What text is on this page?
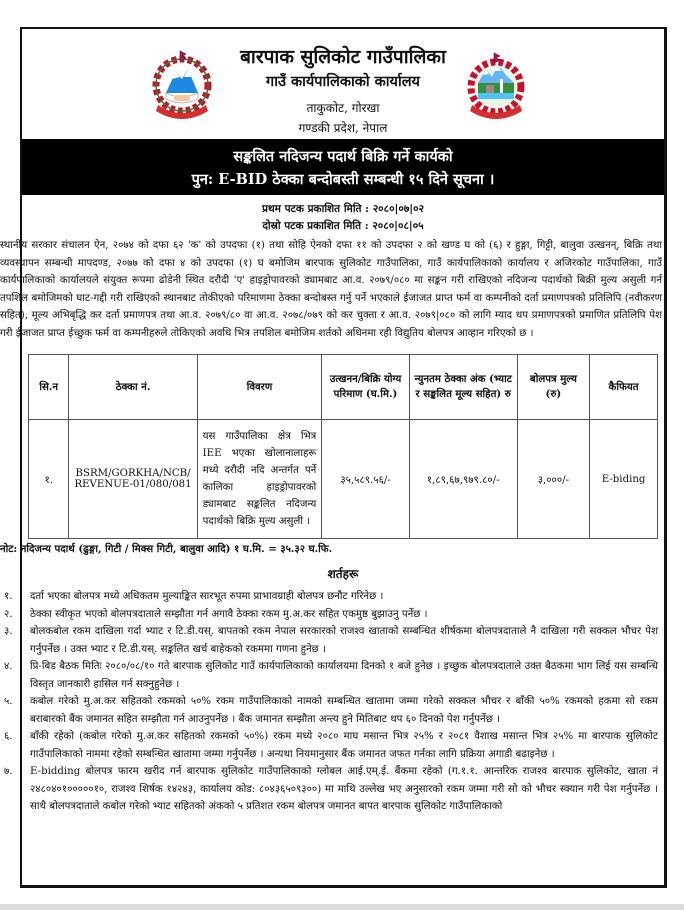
बारपाक सुलिकोट गाउँपालिका
गाउँ कार्यपालिकाको कार्यालय
ताकुकोट, गोरखा
गण्डकी प्रदेश, नेपाल
सङ्कलित नदिजन्य पदार्थ बिक्रि गर्ने कार्यको
पुन: E-BID ठेक्का बन्दोबस्ती सम्बन्धी १५ दिने सूचना ।
प्रथम पटक प्रकाशित मिति : २०८०|०७|०२
दोस्रो पटक प्रकाशित मिति : २०८०|०८|०५
स्थानीय सरकार संचालन ऐन, २०७४ को दफा ६२ 'क' को उपदफा (१) तथा सोहि ऐनको दफा ११ को उपदफा २ को खण्ड घ को (६) र हुङ्गा, गिट्टी, बालुवा उत्खनन्, बिक्रि तथा व्यवस्थापन सम्बन्धी मापदण्ड, २०७७ को दफा ४ को उपदफा (१) घ बमोजिम बारपाक सुलिकोट गाउँपालिका, गाउँ कार्यपालिकाको कार्यालय र अजिरकोट गाउँपालिका, गाउँ कार्यपालिकाको कार्यालयले संयुक्त रूपमा ढोडेनी स्थित दरौदी 'ए' हाइड्रोपावरको ड्यामबाट आ.व. २०७९/०८० मा सङ्कन गरी राखिएको नदिजन्य पदार्थको बिक्री मुल्य असुली गर्न तपशिल बमोजिमको घाट-गद्दी गरी राखिएको स्थानबाट तोकीएको परिमाणमा ठेक्का बन्दोबस्त गर्नु पर्ने भएकाले ईजाजत प्राप्त फर्म वा कम्पनीको दर्ता प्रमाणपत्रको प्रतिलिपि (नवीकरण सहित), मूल्य अभिबृद्धि कर दर्ता प्रमाणपत्र तथा आ.व. २०७९/८० वा आ.व. २०७८/०७९ को कर चुक्ता र आ.व. २०७९|०८० को लागि म्याद थप प्रमाणपत्रको प्रमाणित प्रतिलिपि पेश गरी ईजाजत प्राप्त ईच्छुक फर्म वा कम्पनीहरुले तोकिएको अवधि भित्र तपशिल बमोजिम शर्तको अधिनमा रही विद्युतिय बोलपत्र आव्हान गरिएको छ ।
सि.न	ठेक्का नं.	विवरण	उत्खनन/बिक्रि योग्य परिमाण (घ.मि.)	न्युनतम ठेक्का अंक (भ्याट र सङ्कलित मूल्य सहित) रु	बोलपत्र मुल्य (रु)	कैफियत
१.	BSRM/GORKHA/NCB/ REVENUE-01/080/081	यस गाउँपालिका क्षेत्र भित्र IEE भएका खोलानालाहरू मध्ये दरौदी नदि अन्तर्गत पर्ने कालिका हाइड्रोपावरको ड्यामबाट सङ्कलित नदिजन्य पदार्थको बिक्रि मुल्य असुली ।	३५,५८९.५६/-	१,८९,६७,९७९.८०/-	३,०००/-	E-biding
नोट: नदिजन्य पदार्थ (ढुङ्गा, गिटी / मिक्स गिटी, बालुवा आदि) १ घ.मि. = ३५.३२ घ.फि.
शर्तहरू
१.	दर्ता भएका बोलपत्र मध्ये अधिकतम मुल्याङ्कित सारभूत रुपमा प्राभावग्राही बोलपत्र छनौट गरिनेछ ।
२.	ठेक्का स्वीकृत भएको बोलपत्रदाताले सम्झौता गर्न अगावै ठेक्का रकम मु.अ.कर सहित एकमुष्ठ बुझाउनु पर्नेछ ।
३.	बोलकबोल रकम दाखिला गर्दा भ्याट र टि.डी.यस्. बापतको रकम नेपाल सरकारको राजश्व खाताको सम्बन्धित शीर्षकमा बोलपत्रदाताले नै दाखिला गरी सक्कल भौचर पेश गर्नुपर्नेछ । उक्त भ्याट र टि.डी.यस्. सङ्कलित खर्च बाहेकको रकममा गणना हुनेछ ।
४.	प्रि-बिड बैठक मितिः २०८०/०८/१० गते बारपाक सुलिकोट गाउँ कार्यपालिकाको कार्यालयमा दिनको १ बजे हुनेछ । इच्छुक बोलपत्रदाताले उक्त बैठकमा भाग लिई यस सम्बन्धि विस्तृत जानकारी हासिल गर्न सक्नुहुनेछ ।
५.	कबोल गरेको मु.अ.कर सहितको रकमको ५०% रकम गाउँपालिकाको नामको सम्बन्धित खातामा जम्मा गरेको सक्कल भौचर र बाँकी ५०% रकमको हकमा सो रकम बराबारको बैंक जमानत सहित सम्झौता गर्न आउनुपर्नेछ । बैंक जमानत सम्झौता अन्त्य हुने मितिबाट थप ६० दिनको पेश गर्नुपर्नेछ ।
६.	बाँकी रहेको (कबोल गरेको मु.अ.कर सहितको रकमको ५०%) रकम मध्ये २०८० माघ मसान्त भित्र २५% र २०८१ वैशाख मसान्त भित्र २५% मा बारपाक सुलिकोट गाउँपालिकाको नाममा रहेको सम्बन्धित खातामा जम्मा गर्नुपर्नेछ । अन्यथा नियमानुसार बैंक जमानत जफत गर्नका लागि प्रक्रिया अगाडी बढाइनेछ ।
७.	E-bidding बोलपत्र फारम खरीद गर्न बारपाक सुलिकोट गाउँपालिकाको ग्लोबल आई.एम्.ई. बैंकमा रहेको (ग.१.१. आन्तरिक राजश्व बारपाक सुलिकोट, खाता नं २४८०४०१०००००१०, राजश्व शिर्षक १४२४३, कार्यालय कोड: ८०४३६५०९३००) मा माथि उल्लेख भए अनुसारको रकम जम्मा गरी सो को भौचर स्क्यान गरी पेश गर्नुपर्नेछ । साथै बोलपत्रदाताले कबोल गरेको भ्याट सहितको अंकको ५ प्रतिशत रकम बोलपत्र जमानत बापत बारपाक सुलिकोट गाउँपालिकाको
